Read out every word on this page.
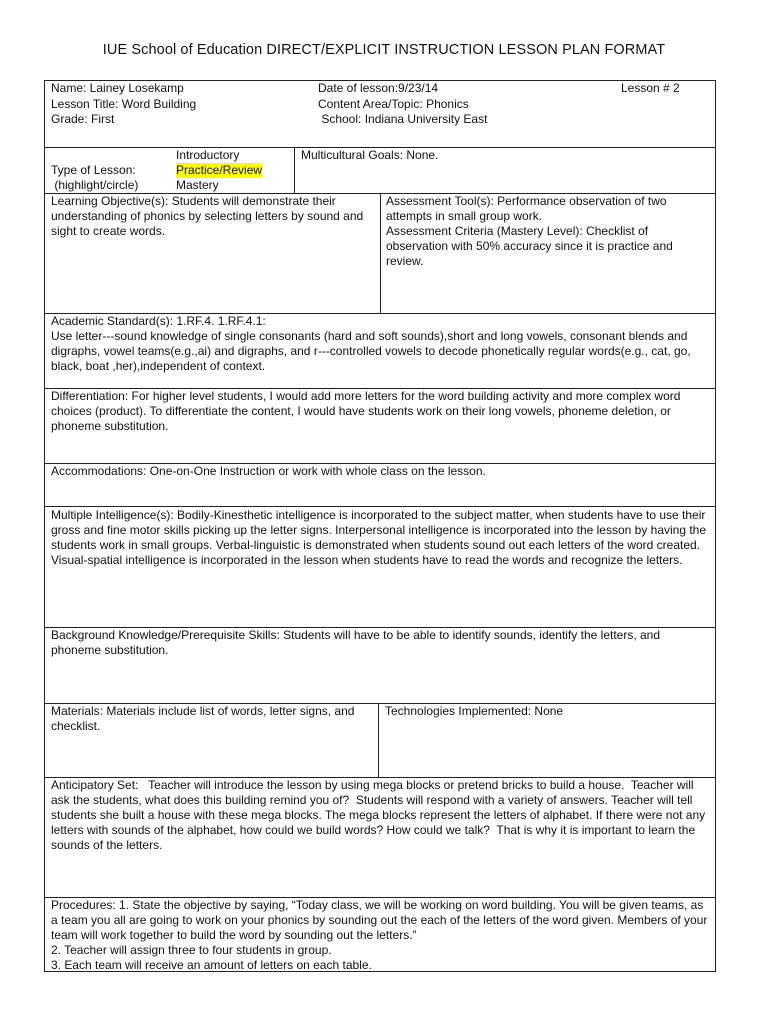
IUE School of Education DIRECT/EXPLICIT INSTRUCTION LESSON PLAN FORMAT
Name: Lainey Losekamp	Date of lesson:9/23/14	Lesson # 2
Lesson Title: Word Building	Content Area/Topic: Phonics
Grade: First	School: Indiana University East
Introductory
Type of Lesson:	Practice/Review
(highlight/circle)	Mastery
Multicultural Goals: None.
Learning Objective(s): Students will demonstrate their understanding of phonics by selecting letters by sound and sight to create words.
Assessment Tool(s): Performance observation of two attempts in small group work.
Assessment Criteria (Mastery Level): Checklist of observation with 50% accuracy since it is practice and review.
Academic Standard(s): 1.RF.4. 1.RF.4.1:
Use letter---sound knowledge of single consonants (hard and soft sounds),short and long vowels, consonant blends and digraphs, vowel teams(e.g.,ai) and digraphs, and r---controlled vowels to decode phonetically regular words(e.g., cat, go, black, boat ,her),independent of context.
Differentiation: For higher level students, I would add more letters for the word building activity and more complex word choices (product). To differentiate the content, I would have students work on their long vowels, phoneme deletion, or phoneme substitution.
Accommodations: One-on-One Instruction or work with whole class on the lesson.
Multiple Intelligence(s): Bodily-Kinesthetic intelligence is incorporated to the subject matter, when students have to use their gross and fine motor skills picking up the letter signs. Interpersonal intelligence is incorporated into the lesson by having the students work in small groups. Verbal-linguistic is demonstrated when students sound out each letters of the word created. Visual-spatial intelligence is incorporated in the lesson when students have to read the words and recognize the letters.
Background Knowledge/Prerequisite Skills: Students will have to be able to identify sounds, identify the letters, and phoneme substitution.
Materials: Materials include list of words, letter signs, and checklist.
Technologies Implemented: None
Anticipatory Set:   Teacher will introduce the lesson by using mega blocks or pretend bricks to build a house.  Teacher will ask the students, what does this building remind you of?  Students will respond with a variety of answers. Teacher will tell students she built a house with these mega blocks. The mega blocks represent the letters of alphabet. If there were not any letters with sounds of the alphabet, how could we build words? How could we talk?  That is why it is important to learn the sounds of the letters.
Procedures: 1. State the objective by saying, “Today class, we will be working on word building. You will be given teams, as a team you all are going to work on your phonics by sounding out the each of the letters of the word given. Members of your team will work together to build the word by sounding out the letters.”
2. Teacher will assign three to four students in group.
3. Each team will receive an amount of letters on each table.
